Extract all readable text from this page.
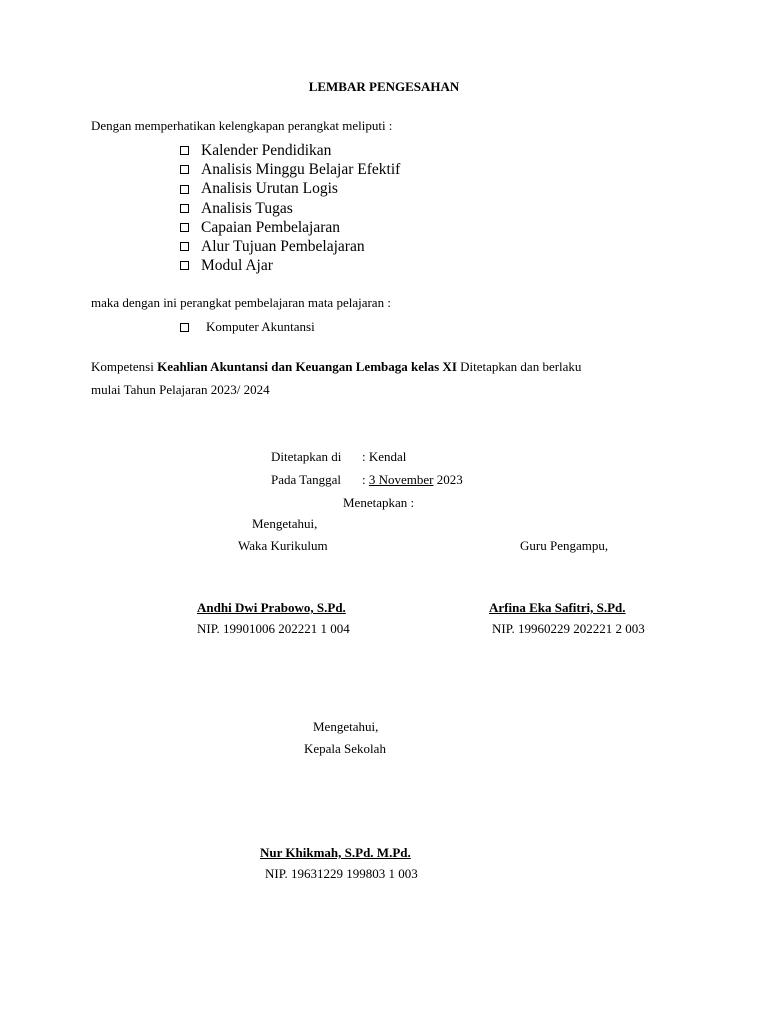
LEMBAR PENGESAHAN
Dengan memperhatikan kelengkapan perangkat meliputi :
Kalender Pendidikan
Analisis Minggu Belajar Efektif
Analisis Urutan Logis
Analisis Tugas
Capaian Pembelajaran
Alur Tujuan Pembelajaran
Modul Ajar
maka dengan ini perangkat pembelajaran mata pelajaran :
Komputer Akuntansi
Kompetensi Keahlian Akuntansi dan Keuangan Lembaga kelas XI Ditetapkan dan berlaku
mulai Tahun Pelajaran 2023/ 2024
Ditetapkan di : Kendal
Pada Tanggal : 3 November 2023
Menetapkan :
Mengetahui,
Waka Kurikulum	Guru Pengampu,
Andhi Dwi Prabowo, S.Pd.	Arfina Eka Safitri, S.Pd.
NIP. 19901006 202221 1 004	NIP. 19960229 202221 2 003
Mengetahui,
Kepala Sekolah
Nur Khikmah, S.Pd. M.Pd.
NIP. 19631229 199803 1 003
